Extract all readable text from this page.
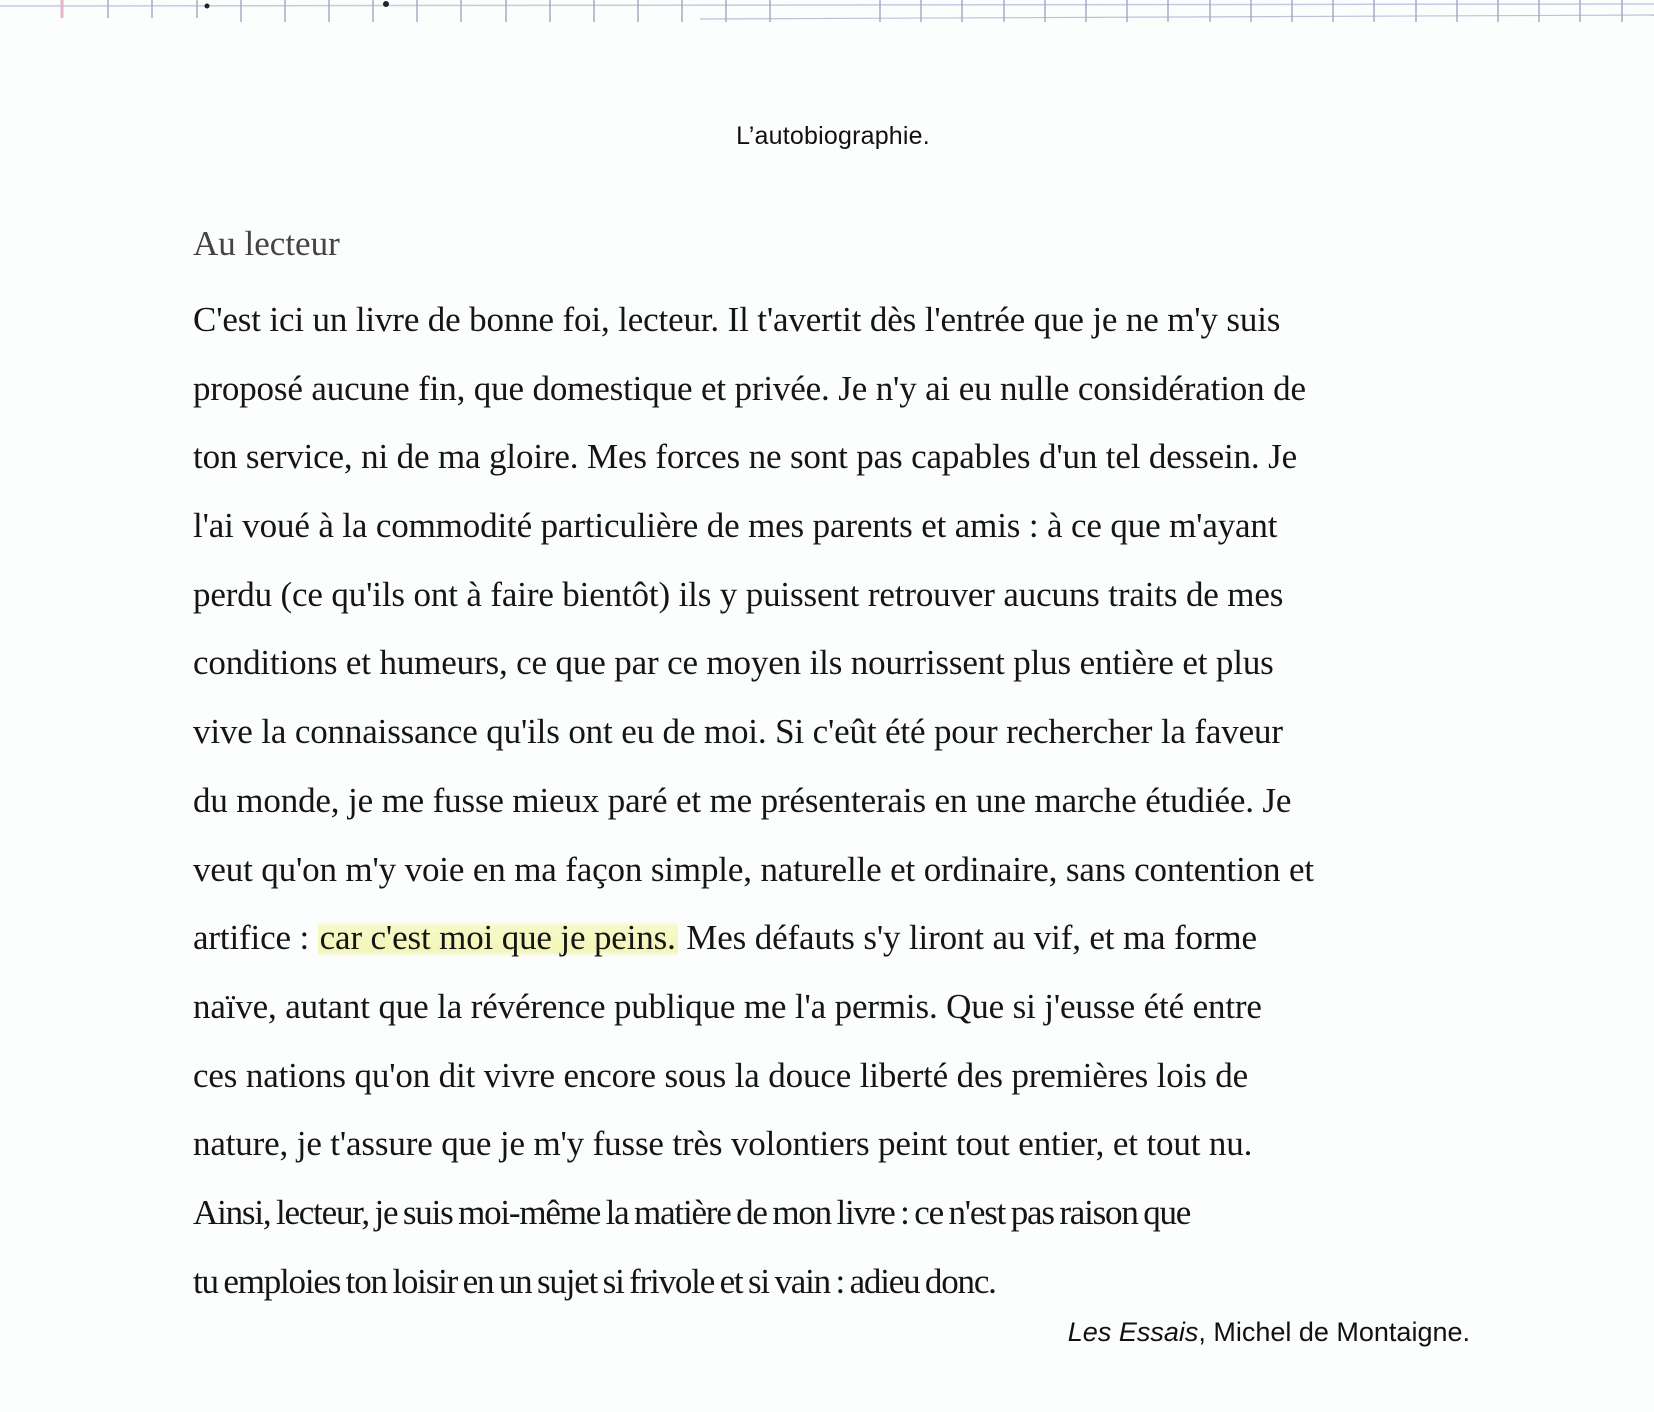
L’autobiographie.
Au lecteur
C'est ici un livre de bonne foi, lecteur. Il t'avertit dès l'entrée que je ne m'y suis
proposé aucune fin, que domestique et privée. Je n'y ai eu nulle considération de
ton service, ni de ma gloire. Mes forces ne sont pas capables d'un tel dessein. Je
l'ai voué à la commodité particulière de mes parents et amis : à ce que m'ayant
perdu (ce qu'ils ont à faire bientôt) ils y puissent retrouver aucuns traits de mes
conditions et humeurs, ce que par ce moyen ils nourrissent plus entière et plus
vive la connaissance qu'ils ont eu de moi. Si c'eût été pour rechercher la faveur
du monde, je me fusse mieux paré et me présenterais en une marche étudiée. Je
veut qu'on m'y voie en ma façon simple, naturelle et ordinaire, sans contention et
artifice : car c'est moi que je peins. Mes défauts s'y liront au vif, et ma forme
naïve, autant que la révérence publique me l'a permis. Que si j'eusse été entre
ces nations qu'on dit vivre encore sous la douce liberté des premières lois de
nature, je t'assure que je m'y fusse très volontiers peint tout entier, et tout nu.
Ainsi, lecteur, je suis moi-même la matière de mon livre : ce n'est pas raison que
tu emploies ton loisir en un sujet si frivole et si vain : adieu donc.
Les Essais, Michel de Montaigne.
